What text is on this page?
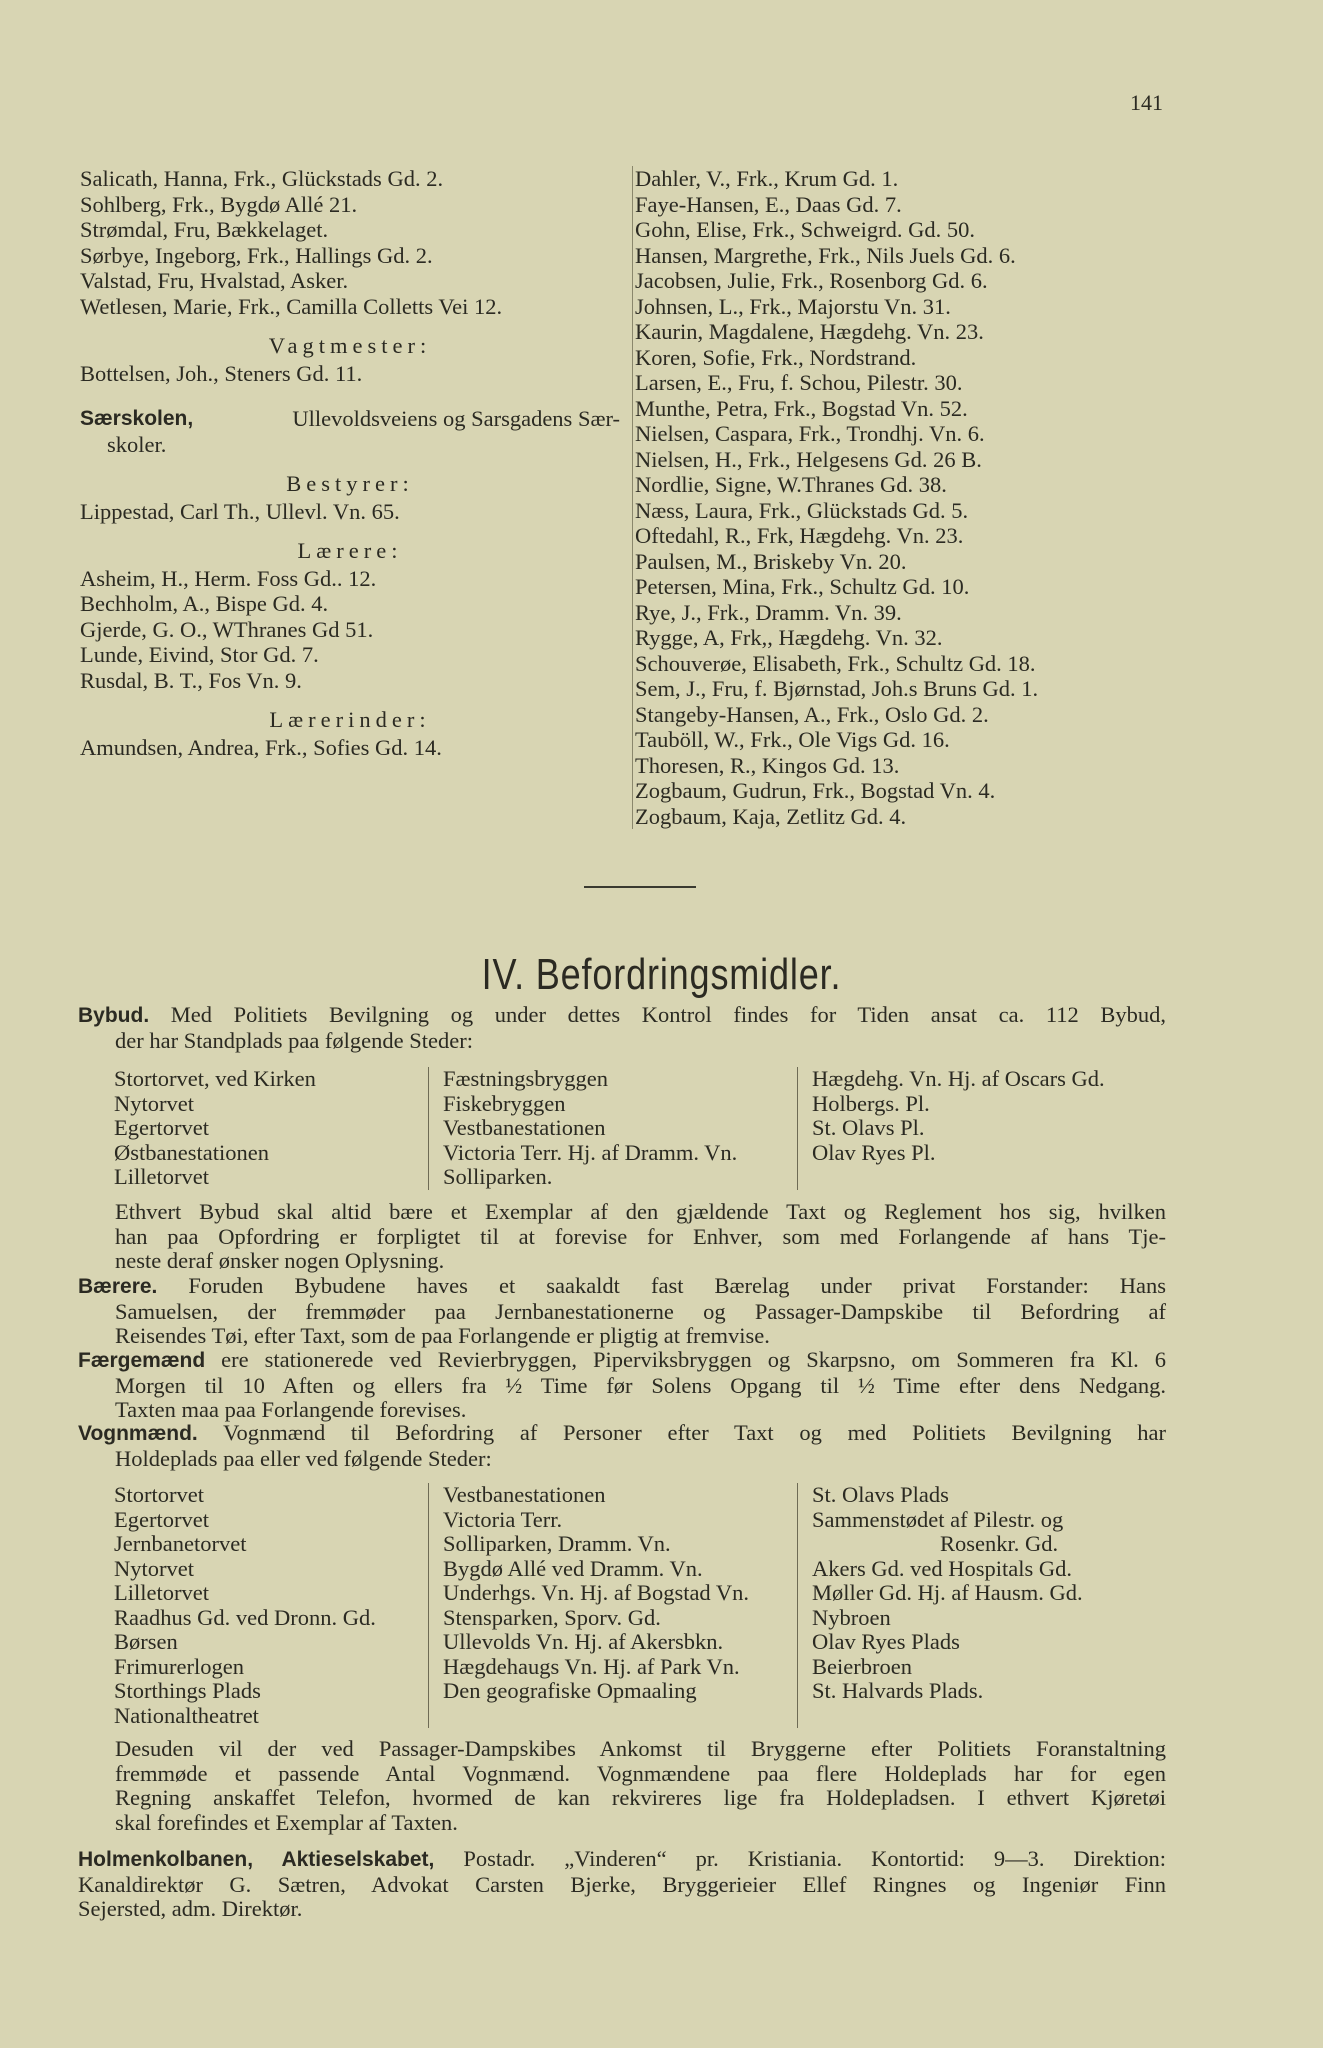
141
Salicath, Hanna, Frk., Glückstads Gd. 2.
Sohlberg, Frk., Bygdø Allé 21.
Strømdal, Fru, Bækkelaget.
Sørbye, Ingeborg, Frk., Hallings Gd. 2.
Valstad, Fru, Hvalstad, Asker.
Wetlesen, Marie, Frk., Camilla Colletts Vei 12.
Vagtmester:
Bottelsen, Joh., Steners Gd. 11.
Særskolen,	Ullevoldsveiens og Sarsgadens Sær-
skoler.
Bestyrer:
Lippestad, Carl Th., Ullevl. Vn. 65.
Lærere:
Asheim, H., Herm. Foss Gd.. 12.
Bechholm, A., Bispe Gd. 4.
Gjerde, G. O., WThranes Gd 51.
Lunde, Eivind, Stor Gd. 7.
Rusdal, B. T., Fos Vn. 9.
Lærerinder:
Amundsen, Andrea, Frk., Sofies Gd. 14.
Dahler, V., Frk., Krum Gd. 1.
Faye-Hansen, E., Daas Gd. 7.
Gohn, Elise, Frk., Schweigrd. Gd. 50.
Hansen, Margrethe, Frk., Nils Juels Gd. 6.
Jacobsen, Julie, Frk., Rosenborg Gd. 6.
Johnsen, L., Frk., Majorstu Vn. 31.
Kaurin, Magdalene, Hægdehg. Vn. 23.
Koren, Sofie, Frk., Nordstrand.
Larsen, E., Fru, f. Schou, Pilestr. 30.
Munthe, Petra, Frk., Bogstad Vn. 52.
Nielsen, Caspara, Frk., Trondhj. Vn. 6.
Nielsen, H., Frk., Helgesens Gd. 26 B.
Nordlie, Signe, W.Thranes Gd. 38.
Næss, Laura, Frk., Glückstads Gd. 5.
Oftedahl, R., Frk, Hægdehg. Vn. 23.
Paulsen, M., Briskeby Vn. 20.
Petersen, Mina, Frk., Schultz Gd. 10.
Rye, J., Frk., Dramm. Vn. 39.
Rygge, A, Frk,, Hægdehg. Vn. 32.
Schouverøe, Elisabeth, Frk., Schultz Gd. 18.
Sem, J., Fru, f. Bjørnstad, Joh.s Bruns Gd. 1.
Stangeby-Hansen, A., Frk., Oslo Gd. 2.
Tauböll, W., Frk., Ole Vigs Gd. 16.
Thoresen, R., Kingos Gd. 13.
Zogbaum, Gudrun, Frk., Bogstad Vn. 4.
Zogbaum, Kaja, Zetlitz Gd. 4.
IV. Befordringsmidler.
Bybud. Med Politiets Bevilgning og under dettes Kontrol findes for Tiden ansat ca. 112 Bybud,
der har Standplads paa følgende Steder:
Stortorvet, ved Kirken
Nytorvet
Egertorvet
Østbanestationen
Lilletorvet
Fæstningsbryggen
Fiskebryggen
Vestbanestationen
Victoria Terr. Hj. af Dramm. Vn.
Solliparken.
Hægdehg. Vn. Hj. af Oscars Gd.
Holbergs. Pl.
St. Olavs Pl.
Olav Ryes Pl.
Ethvert Bybud skal altid bære et Exemplar af den gjældende Taxt og Reglement hos sig, hvilken
han paa Opfordring er forpligtet til at forevise for Enhver, som med Forlangende af hans Tje-
neste deraf ønsker nogen Oplysning.
Bærere. Foruden Bybudene haves et saakaldt fast Bærelag under privat Forstander: Hans
Samuelsen, der fremmøder paa Jernbanestationerne og Passager-Dampskibe til Befordring af
Reisendes Tøi, efter Taxt, som de paa Forlangende er pligtig at fremvise.
Færgemænd ere stationerede ved Revierbryggen, Piperviksbryggen og Skarpsno, om Sommeren fra Kl. 6
Morgen til 10 Aften og ellers fra ½ Time før Solens Opgang til ½ Time efter dens Nedgang.
Taxten maa paa Forlangende forevises.
Vognmænd. Vognmænd til Befordring af Personer efter Taxt og med Politiets Bevilgning har
Holdeplads paa eller ved følgende Steder:
Stortorvet
Egertorvet
Jernbanetorvet
Nytorvet
Lilletorvet
Raadhus Gd. ved Dronn. Gd.
Børsen
Frimurerlogen
Storthings Plads
Nationaltheatret
Vestbanestationen
Victoria Terr.
Solliparken, Dramm. Vn.
Bygdø Allé ved Dramm. Vn.
Underhgs. Vn. Hj. af Bogstad Vn.
Stensparken, Sporv. Gd.
Ullevolds Vn. Hj. af Akersbkn.
Hægdehaugs Vn. Hj. af Park Vn.
Den geografiske Opmaaling
St. Olavs Plads
Sammenstødet af Pilestr. og
Rosenkr. Gd.
Akers Gd. ved Hospitals Gd.
Møller Gd. Hj. af Hausm. Gd.
Nybroen
Olav Ryes Plads
Beierbroen
St. Halvards Plads.
Desuden vil der ved Passager-Dampskibes Ankomst til Bryggerne efter Politiets Foranstaltning
fremmøde et passende Antal Vognmænd. Vognmændene paa flere Holdeplads har for egen
Regning anskaffet Telefon, hvormed de kan rekvireres lige fra Holdepladsen. I ethvert Kjøretøi
skal forefindes et Exemplar af Taxten.
Holmenkolbanen, Aktieselskabet, Postadr. „Vinderen“ pr. Kristiania. Kontortid: 9—3. Direktion:
Kanaldirektør G. Sætren, Advokat Carsten Bjerke, Bryggerieier Ellef Ringnes og Ingeniør Finn
Sejersted, adm. Direktør.
